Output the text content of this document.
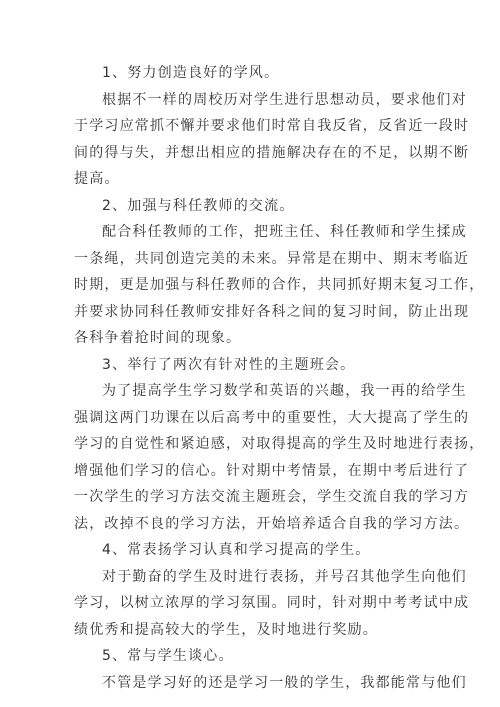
1、努力创造良好的学风。
根据不一样的周校历对学生进行思想动员，要求他们对
于学习应常抓不懈并要求他们时常自我反省，反省近一段时
间的得与失，并想出相应的措施解决存在的不足，以期不断
提高。
2、加强与科任教师的交流。
配合科任教师的工作，把班主任、科任教师和学生揉成
一条绳，共同创造完美的未来。异常是在期中、期末考临近
时期，更是加强与科任教师的合作，共同抓好期末复习工作，
并要求协同科任教师安排好各科之间的复习时间，防止出现
各科争着抢时间的现象。
3、举行了两次有针对性的主题班会。
为了提高学生学习数学和英语的兴趣，我一再的给学生
强调这两门功课在以后高考中的重要性，大大提高了学生的
学习的自觉性和紧迫感，对取得提高的学生及时地进行表扬，
增强他们学习的信心。针对期中考情景，在期中考后进行了
一次学生的学习方法交流主题班会，学生交流自我的学习方
法，改掉不良的学习方法，开始培养适合自我的学习方法。
4、常表扬学习认真和学习提高的学生。
对于勤奋的学生及时进行表扬，并号召其他学生向他们
学习，以树立浓厚的学习氛围。同时，针对期中考考试中成
绩优秀和提高较大的学生，及时地进行奖励。
5、常与学生谈心。
不管是学习好的还是学习一般的学生，我都能常与他们
